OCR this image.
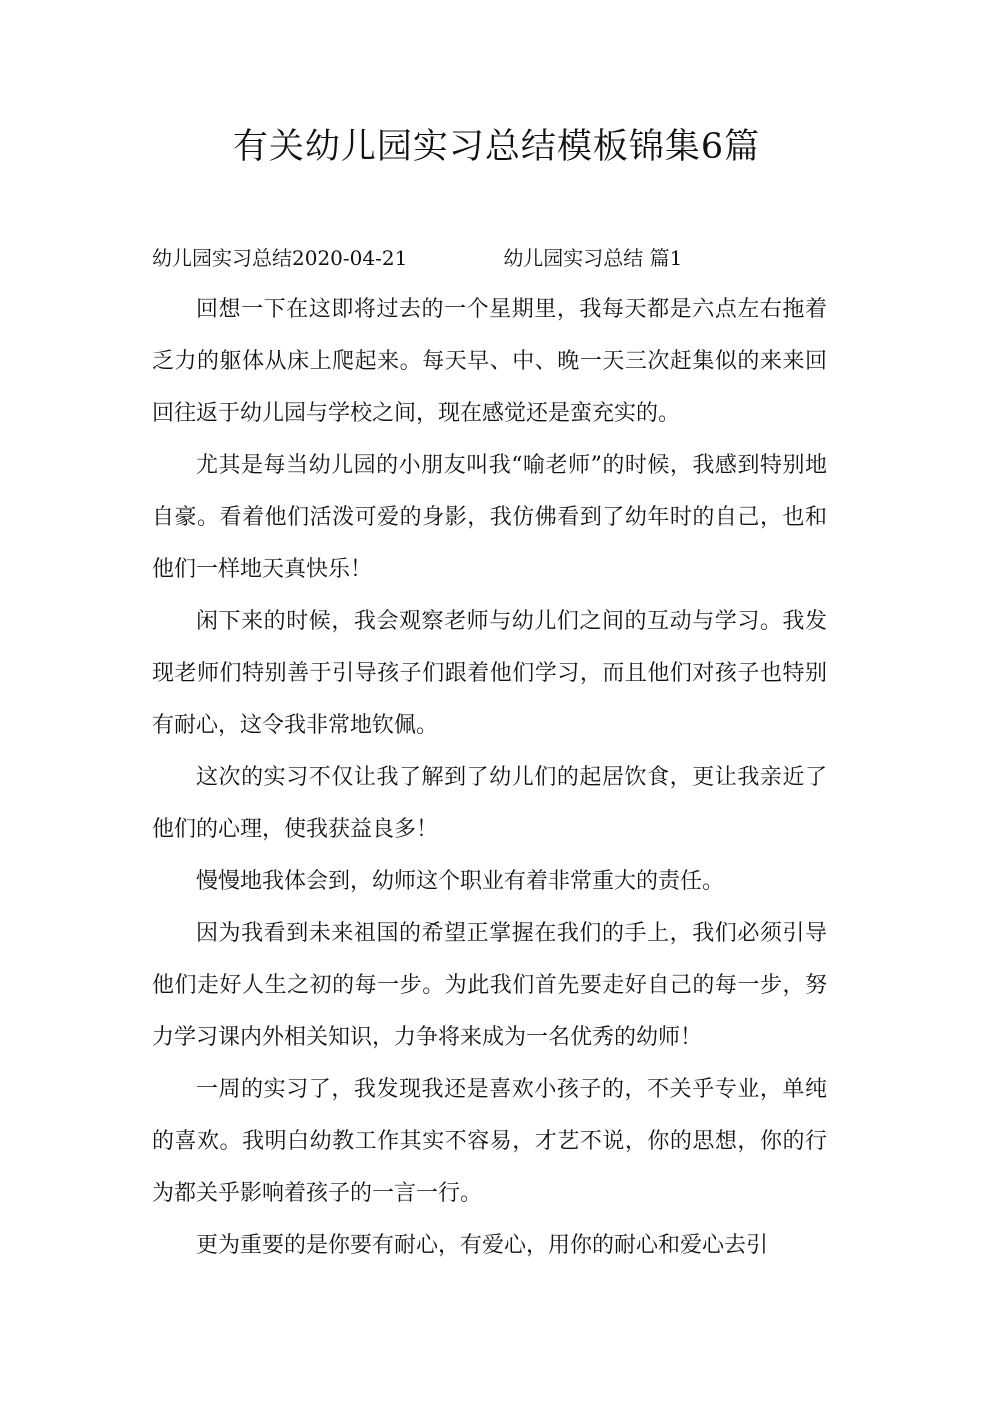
有关幼儿园实习总结模板锦集6篇

幼儿园实习总结2020-04-21	幼儿园实习总结 篇1

回想一下在这即将过去的一个星期里，我每天都是六点左右拖着乏力的躯体从床上爬起来。每天早、中、晚一天三次赶集似的来来回回往返于幼儿园与学校之间，现在感觉还是蛮充实的。

尤其是每当幼儿园的小朋友叫我“喻老师”的时候，我感到特别地自豪。看着他们活泼可爱的身影，我仿佛看到了幼年时的自己，也和他们一样地天真快乐！

闲下来的时候，我会观察老师与幼儿们之间的互动与学习。我发现老师们特别善于引导孩子们跟着他们学习，而且他们对孩子也特别有耐心，这令我非常地钦佩。

这次的实习不仅让我了解到了幼儿们的起居饮食，更让我亲近了他们的心理，使我获益良多！

慢慢地我体会到，幼师这个职业有着非常重大的责任。

因为我看到未来祖国的希望正掌握在我们的手上，我们必须引导他们走好人生之初的每一步。为此我们首先要走好自己的每一步，努力学习课内外相关知识，力争将来成为一名优秀的幼师！

一周的实习了，我发现我还是喜欢小孩子的，不关乎专业，单纯的喜欢。我明白幼教工作其实不容易，才艺不说，你的思想，你的行为都关乎影响着孩子的一言一行。

更为重要的是你要有耐心，有爱心，用你的耐心和爱心去引
